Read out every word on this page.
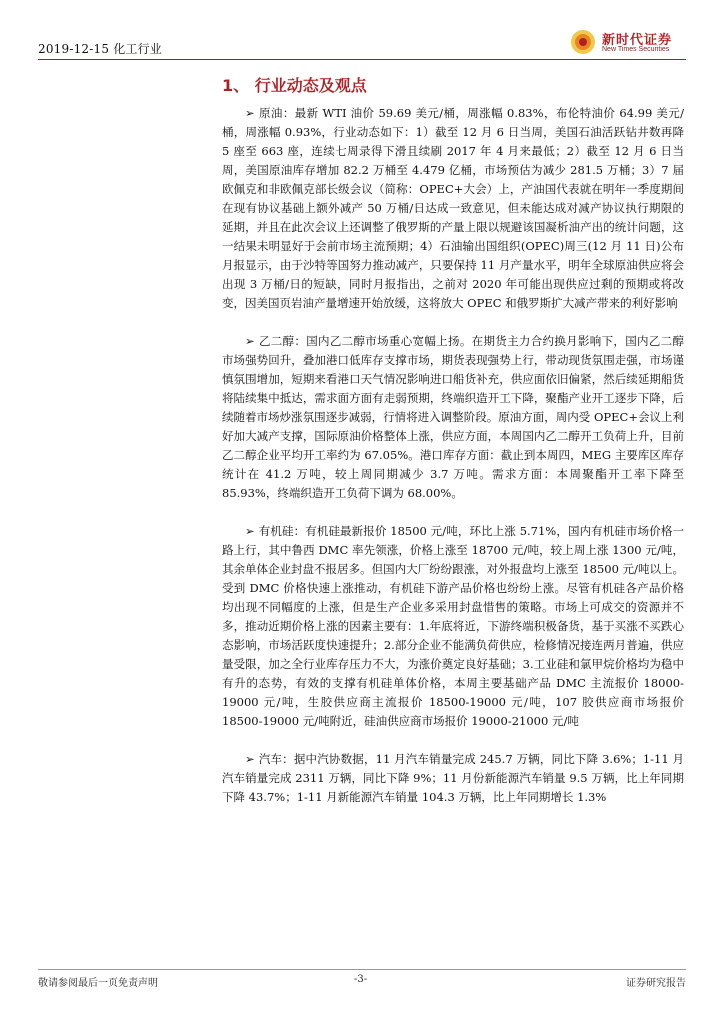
2019-12-15 化工行业
新时代证券
New Times Securities
1、 行业动态及观点

➢ 原油：最新 WTI 油价 59.69 美元/桶，周涨幅 0.83%，布伦特油价 64.99 美元/桶，周涨幅 0.93%，行业动态如下：1）截至 12 月 6 日当周，美国石油活跃钻井数再降 5 座至 663 座，连续七周录得下滑且续刷 2017 年 4 月来最低；2）截至 12 月 6 日当周，美国原油库存增加 82.2 万桶至 4.479 亿桶，市场预估为减少 281.5 万桶；3）7 届欧佩克和非欧佩克部长级会议（简称：OPEC+大会）上，产油国代表就在明年一季度期间在现有协议基础上额外减产 50 万桶/日达成一致意见，但未能达成对减产协议执行期限的延期，并且在此次会议上还调整了俄罗斯的产量上限以规避该国凝析油产出的统计问题，这一结果未明显好于会前市场主流预期；4）石油输出国组织(OPEC)周三(12 月 11 日)公布月报显示，由于沙特等国努力推动减产，只要保持 11 月产量水平，明年全球原油供应将会出现 3 万桶/日的短缺，同时月报指出，之前对 2020 年可能出现供应过剩的预期或将改变，因美国页岩油产量增速开始放缓，这将放大 OPEC 和俄罗斯扩大减产带来的利好影响

➢ 乙二醇：国内乙二醇市场重心宽幅上扬。在期货主力合约换月影响下，国内乙二醇市场强势回升，叠加港口低库存支撑市场，期货表现强势上行，带动现货氛围走强，市场谨慎氛围增加，短期来看港口天气情况影响进口船货补充，供应面依旧偏紧，然后续延期船货将陆续集中抵达，需求面方面有走弱预期，终端织造开工下降，聚酯产业开工逐步下降，后续随着市场炒涨氛围逐步减弱，行情将进入调整阶段。原油方面，周内受 OPEC+会议上利好加大减产支撑，国际原油价格整体上涨，供应方面，本周国内乙二醇开工负荷上升，目前乙二醇企业平均开工率约为 67.05%。港口库存方面：截止到本周四，MEG 主要库区库存统计在 41.2 万吨，较上周同期减少 3.7 万吨。需求方面：本周聚酯开工率下降至 85.93%，终端织造开工负荷下调为 68.00%。

➢ 有机硅：有机硅最新报价 18500 元/吨，环比上涨 5.71%，国内有机硅市场价格一路上行，其中鲁西 DMC 率先领涨，价格上涨至 18700 元/吨，较上周上涨 1300 元/吨，其余单体企业封盘不报居多。但国内大厂纷纷跟涨，对外报盘均上涨至 18500 元/吨以上。受到 DMC 价格快速上涨推动，有机硅下游产品价格也纷纷上涨。尽管有机硅各产品价格均出现不同幅度的上涨，但是生产企业多采用封盘惜售的策略。市场上可成交的资源并不多，推动近期价格上涨的因素主要有：1.年底将近，下游终端积极备货，基于买涨不买跌心态影响，市场活跃度快速提升；2.部分企业不能满负荷供应，检修情况接连两月普遍，供应量受限，加之全行业库存压力不大，为涨价奠定良好基础；3.工业硅和氯甲烷价格均为稳中有升的态势，有效的支撑有机硅单体价格，本周主要基础产品 DMC 主流报价 18000-19000 元/吨，生胶供应商主流报价 18500-19000 元/吨，107 胶供应商市场报价 18500-19000 元/吨附近，硅油供应商市场报价 19000-21000 元/吨

➢ 汽车：据中汽协数据，11 月汽车销量完成 245.7 万辆，同比下降 3.6%；1-11 月汽车销量完成 2311 万辆，同比下降 9%；11 月份新能源汽车销量 9.5 万辆，比上年同期下降 43.7%；1-11 月新能源汽车销量 104.3 万辆，比上年同期增长 1.3%

敬请参阅最后一页免责声明	-3-	证券研究报告
